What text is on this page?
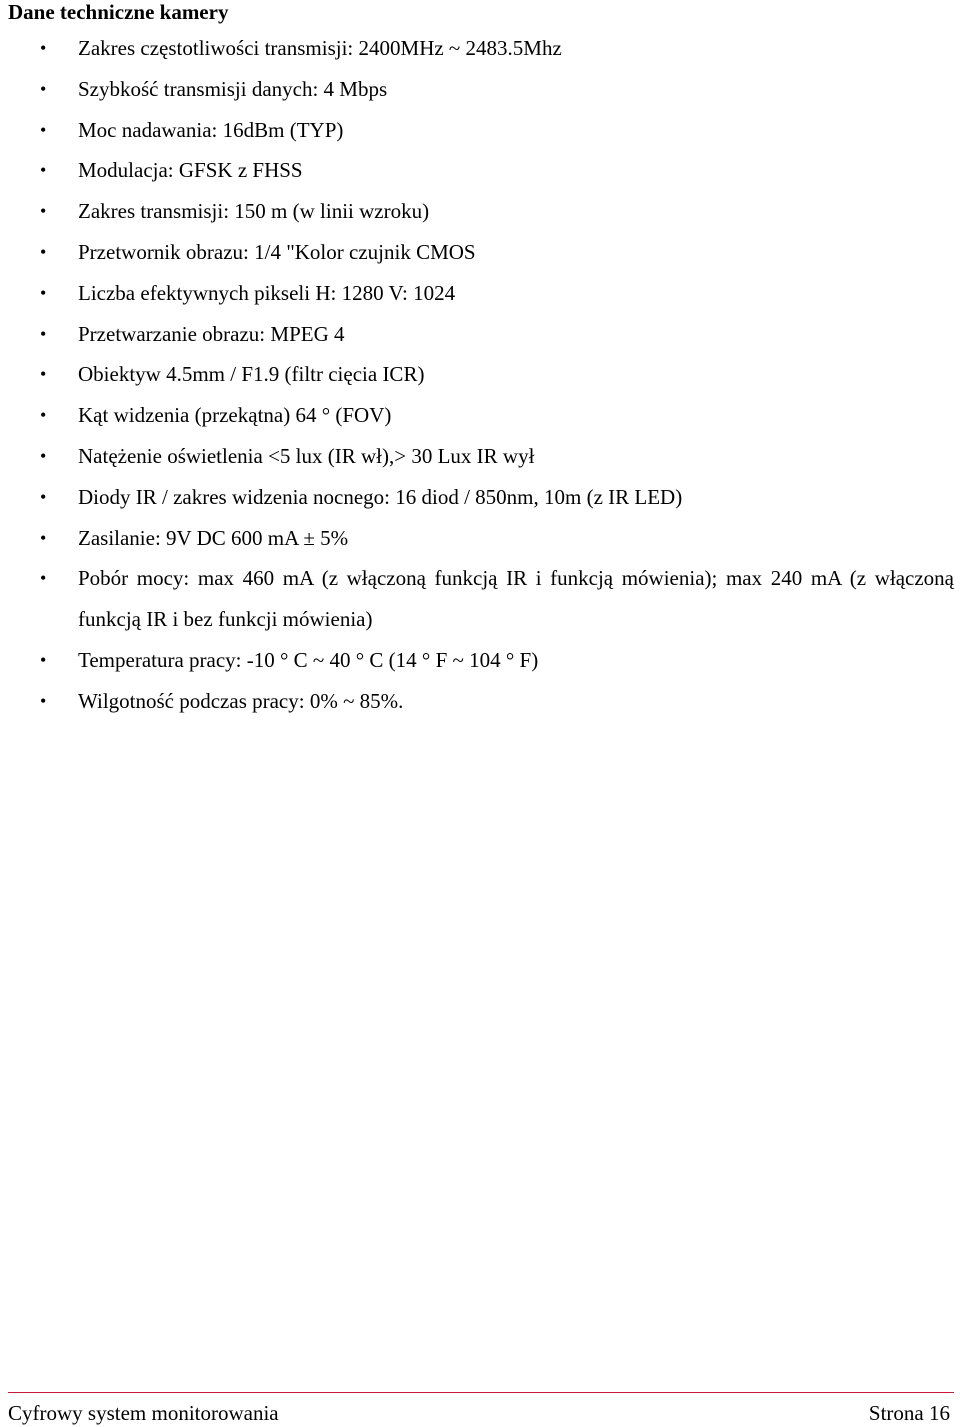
Dane techniczne kamery
• Zakres częstotliwości transmisji: 2400MHz ~ 2483.5Mhz
• Szybkość transmisji danych: 4 Mbps
• Moc nadawania: 16dBm (TYP)
• Modulacja: GFSK z FHSS
• Zakres transmisji: 150 m (w linii wzroku)
• Przetwornik obrazu: 1/4 "Kolor czujnik CMOS
• Liczba efektywnych pikseli H: 1280 V: 1024
• Przetwarzanie obrazu: MPEG 4
• Obiektyw 4.5mm / F1.9 (filtr cięcia ICR)
• Kąt widzenia (przekątna) 64 ° (FOV)
• Natężenie oświetlenia <5 lux (IR wł),> 30 Lux IR wył
• Diody IR / zakres widzenia nocnego: 16 diod / 850nm, 10m (z IR LED)
• Zasilanie: 9V DC 600 mA ± 5%
• Pobór mocy: max 460 mA (z włączoną funkcją IR i funkcją mówienia); max 240 mA (z włączoną funkcją IR i bez funkcji mówienia)
• Temperatura pracy: -10 ° C ~ 40 ° C (14 ° F ~ 104 ° F)
• Wilgotność podczas pracy: 0% ~ 85%.
Cyfrowy system monitorowania	Strona 16
